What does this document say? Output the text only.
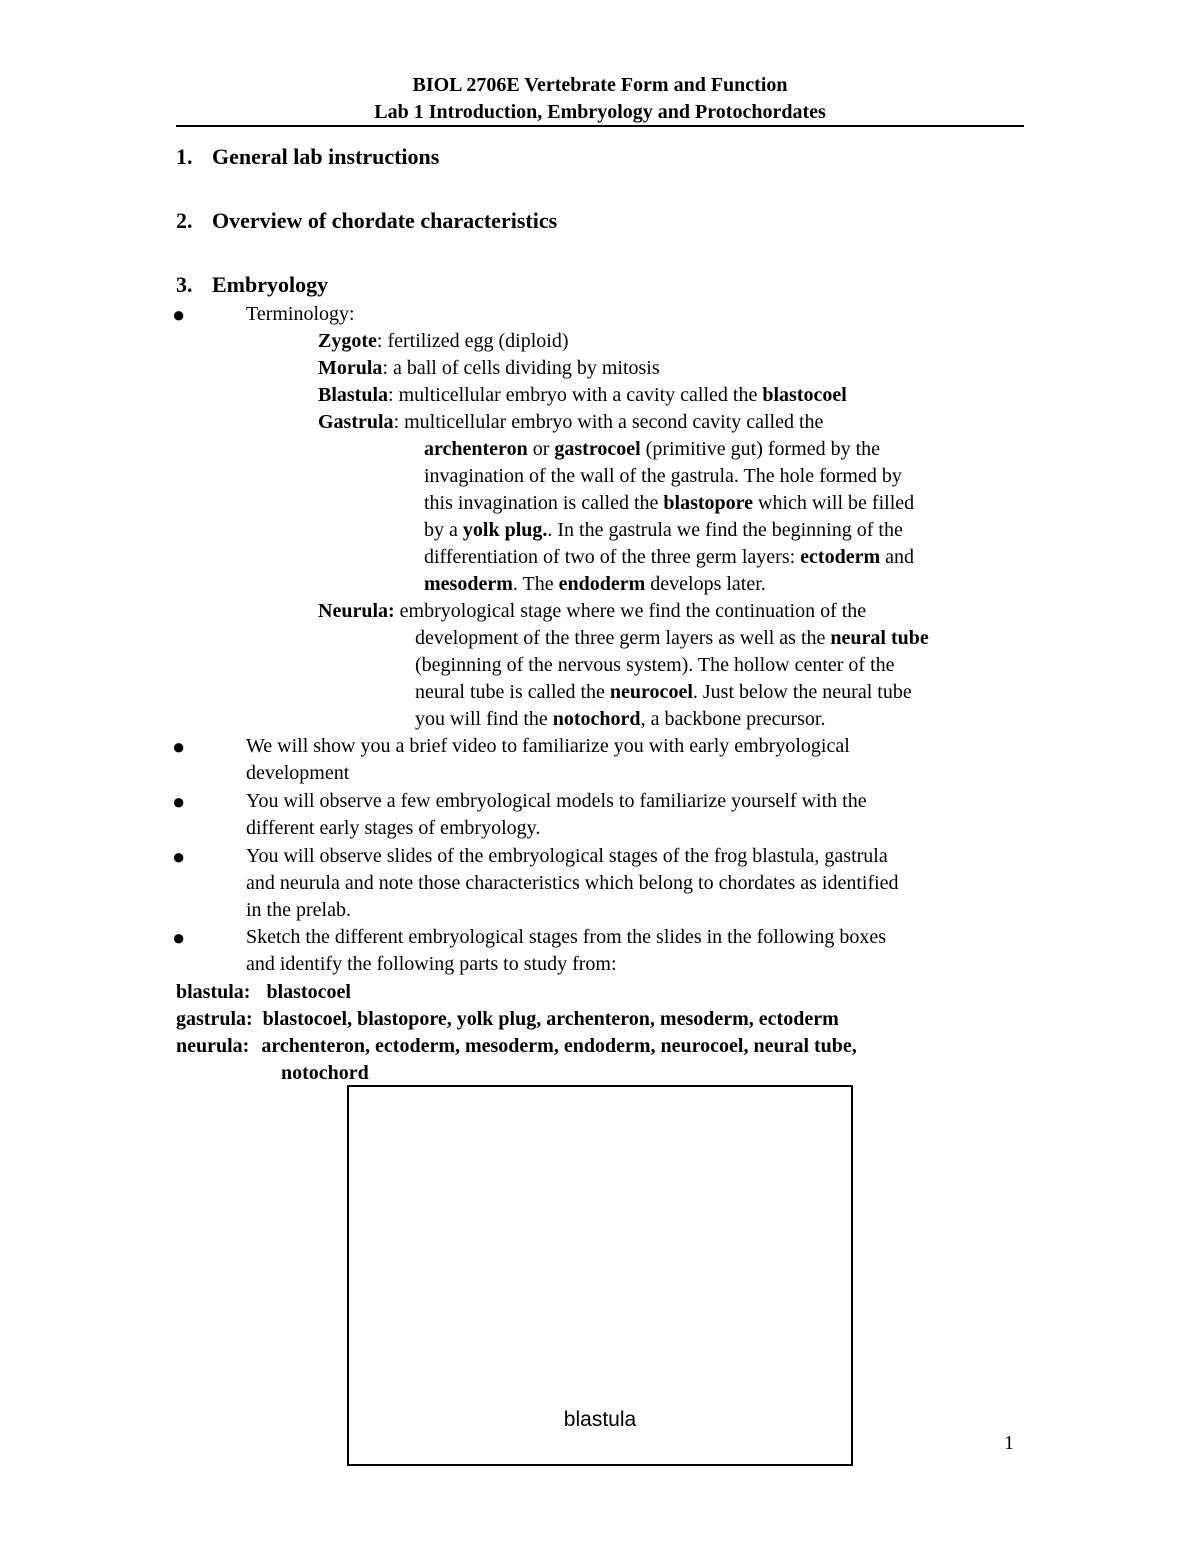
BIOL 2706E Vertebrate Form and Function
Lab 1 Introduction, Embryology and Protochordates
1. General lab instructions
2. Overview of chordate characteristics
3. Embryology
●	Terminology:
Zygote: fertilized egg (diploid)
Morula: a ball of cells dividing by mitosis
Blastula: multicellular embryo with a cavity called the blastocoel
Gastrula: multicellular embryo with a second cavity called the
archenteron or gastrocoel (primitive gut) formed by the
invagination of the wall of the gastrula. The hole formed by
this invagination is called the blastopore which will be filled
by a yolk plug.. In the gastrula we find the beginning of the
differentiation of two of the three germ layers: ectoderm and
mesoderm. The endoderm develops later.
Neurula: embryological stage where we find the continuation of the
development of the three germ layers as well as the neural tube
(beginning of the nervous system). The hollow center of the
neural tube is called the neurocoel. Just below the neural tube
you will find the notochord, a backbone precursor.
●	We will show you a brief video to familiarize you with early embryological
development
●	You will observe a few embryological models to familiarize yourself with the
different early stages of embryology.
●	You will observe slides of the embryological stages of the frog blastula, gastrula
and neurula and note those characteristics which belong to chordates as identified
in the prelab.
●	Sketch the different embryological stages from the slides in the following boxes
and identify the following parts to study from:
blastula: blastocoel
gastrula: blastocoel, blastopore, yolk plug, archenteron, mesoderm, ectoderm
neurula: archenteron, ectoderm, mesoderm, endoderm, neurocoel, neural tube,
notochord
blastula
1
